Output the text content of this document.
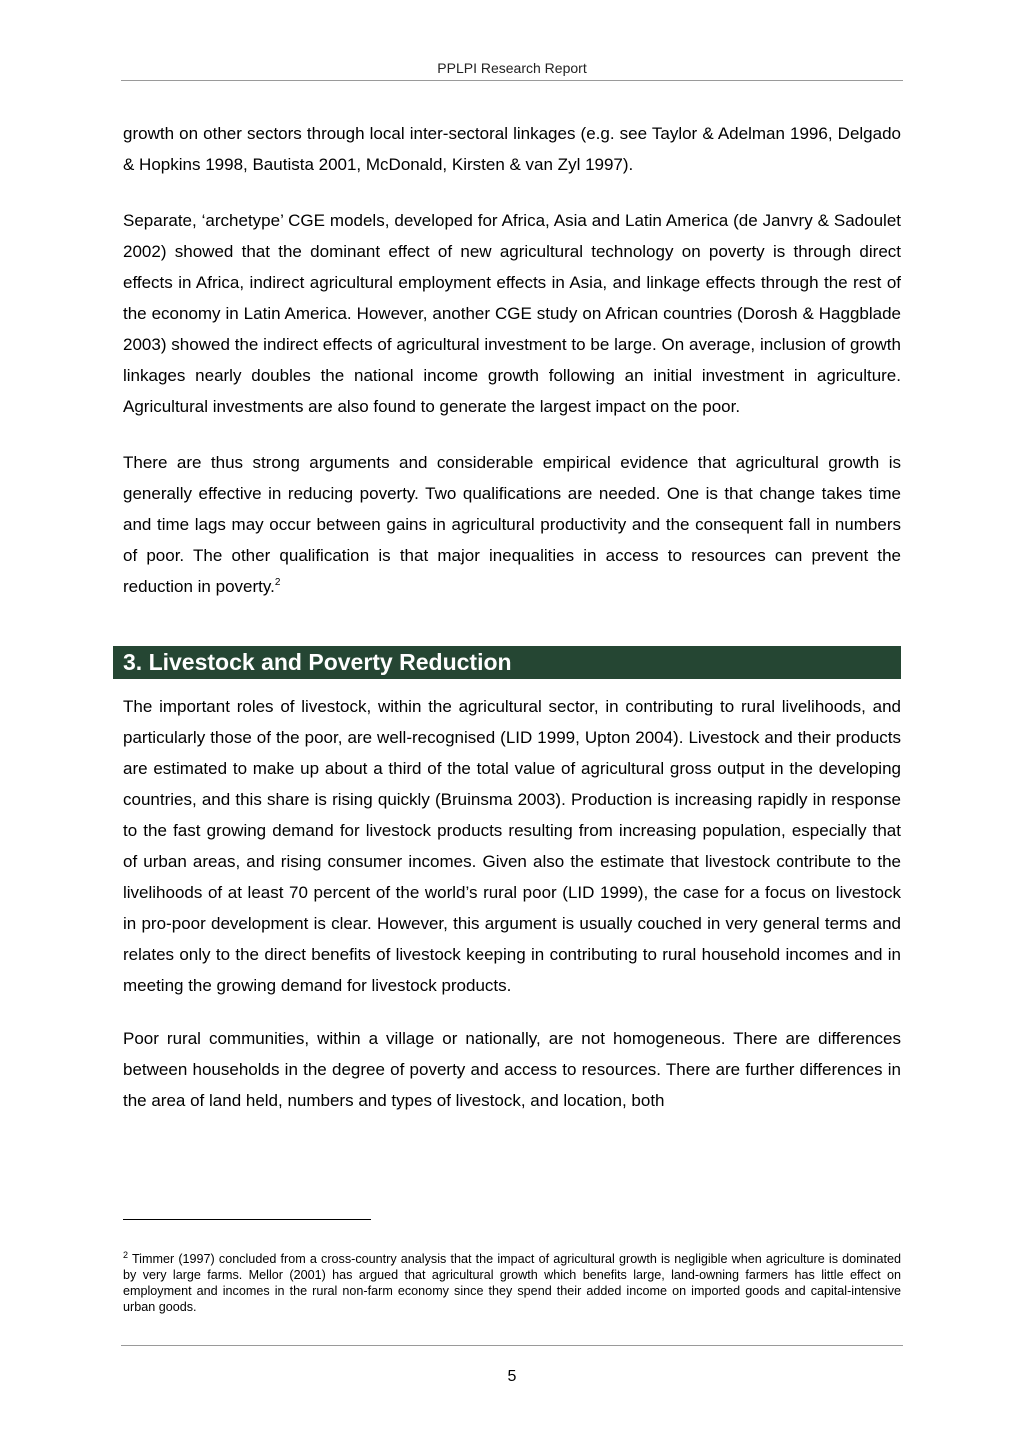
PPLPI Research Report

growth on other sectors through local inter-sectoral linkages (e.g. see Taylor & Adelman 1996, Delgado & Hopkins 1998, Bautista 2001, McDonald, Kirsten & van Zyl 1997).

Separate, ‘archetype’ CGE models, developed for Africa, Asia and Latin America (de Janvry & Sadoulet 2002) showed that the dominant effect of new agricultural technology on poverty is through direct effects in Africa, indirect agricultural employment effects in Asia, and linkage effects through the rest of the economy in Latin America. However, another CGE study on African countries (Dorosh & Haggblade 2003) showed the indirect effects of agricultural investment to be large. On average, inclusion of growth linkages nearly doubles the national income growth following an initial investment in agriculture. Agricultural investments are also found to generate the largest impact on the poor.

There are thus strong arguments and considerable empirical evidence that agricultural growth is generally effective in reducing poverty. Two qualifications are needed. One is that change takes time and time lags may occur between gains in agricultural productivity and the consequent fall in numbers of poor. The other qualification is that major inequalities in access to resources can prevent the reduction in poverty.$^2$

3. Livestock and Poverty Reduction

The important roles of livestock, within the agricultural sector, in contributing to rural livelihoods, and particularly those of the poor, are well-recognised (LID 1999, Upton 2004). Livestock and their products are estimated to make up about a third of the total value of agricultural gross output in the developing countries, and this share is rising quickly (Bruinsma 2003). Production is increasing rapidly in response to the fast growing demand for livestock products resulting from increasing population, especially that of urban areas, and rising consumer incomes. Given also the estimate that livestock contribute to the livelihoods of at least 70 percent of the world’s rural poor (LID 1999), the case for a focus on livestock in pro-poor development is clear. However, this argument is usually couched in very general terms and relates only to the direct benefits of livestock keeping in contributing to rural household incomes and in meeting the growing demand for livestock products.

Poor rural communities, within a village or nationally, are not homogeneous. There are differences between households in the degree of poverty and access to resources. There are further differences in the area of land held, numbers and types of livestock, and location, both

$^2$ Timmer (1997) concluded from a cross-country analysis that the impact of agricultural growth is negligible when agriculture is dominated by very large farms. Mellor (2001) has argued that agricultural growth which benefits large, land-owning farmers has little effect on employment and incomes in the rural non-farm economy since they spend their added income on imported goods and capital-intensive urban goods.
5
